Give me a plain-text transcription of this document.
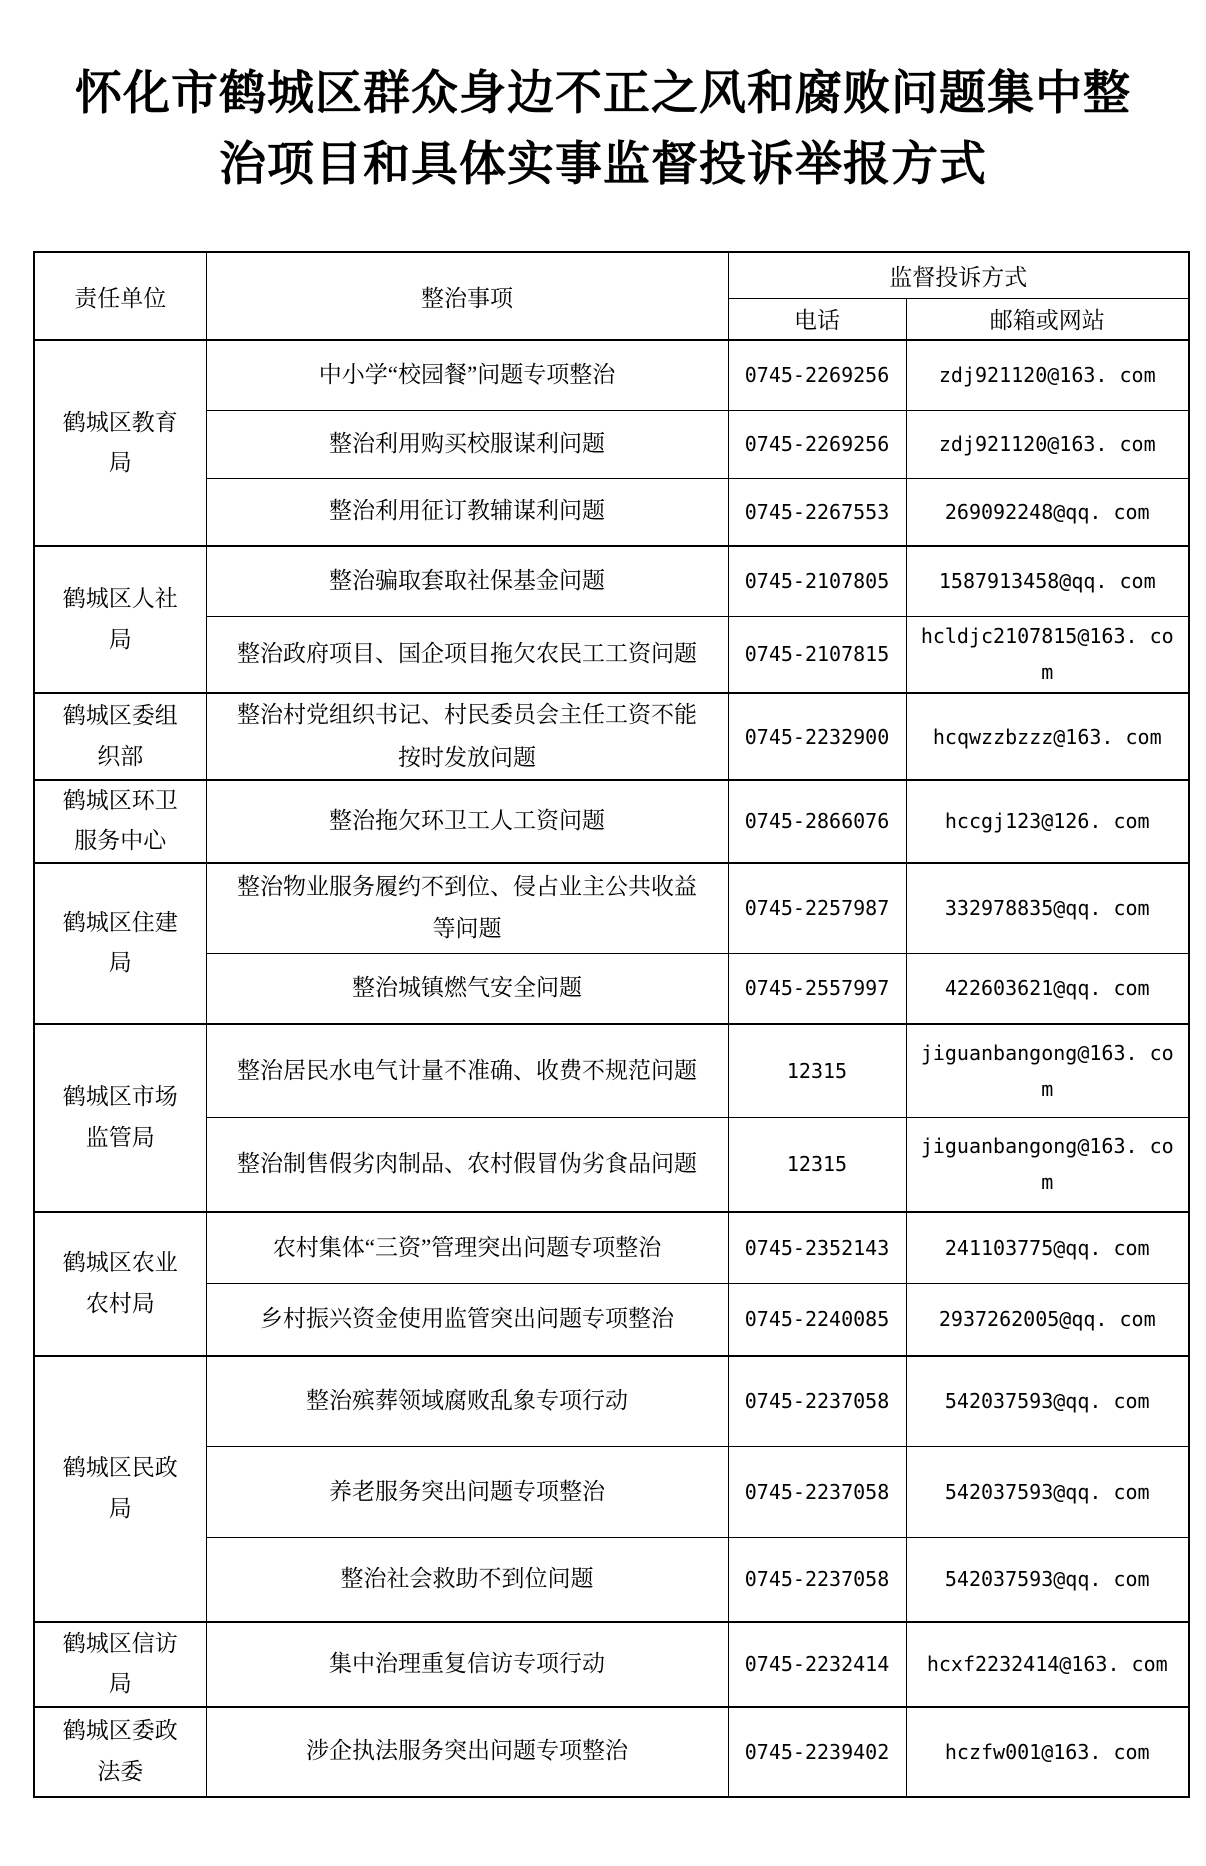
怀化市鹤城区群众身边不正之风和腐败问题集中整
治项目和具体实事监督投诉举报方式
责任单位	整治事项	监督投诉方式	
		电话	邮箱或网站
鹤城区教育局	中小学“校园餐”问题专项整治	0745-2269256	zdj921120@163. com
	整治利用购买校服谋利问题	0745-2269256	zdj921120@163. com
	整治利用征订教辅谋利问题	0745-2267553	269092248@qq. com
鹤城区人社局	整治骗取套取社保基金问题	0745-2107805	1587913458@qq. com
	整治政府项目、国企项目拖欠农民工工资问题	0745-2107815	hcldjc2107815@163. com
鹤城区委组织部	整治村党组织书记、村民委员会主任工资不能按时发放问题	0745-2232900	hcqwzzbzzz@163. com
鹤城区环卫服务中心	整治拖欠环卫工人工资问题	0745-2866076	hccgj123@126. com
鹤城区住建局	整治物业服务履约不到位、侵占业主公共收益等问题	0745-2257987	332978835@qq. com
	整治城镇燃气安全问题	0745-2557997	422603621@qq. com
鹤城区市场监管局	整治居民水电气计量不准确、收费不规范问题	12315	jiguanbangong@163. com
	整治制售假劣肉制品、农村假冒伪劣食品问题	12315	jiguanbangong@163. com
鹤城区农业农村局	农村集体“三资”管理突出问题专项整治	0745-2352143	241103775@qq. com
	乡村振兴资金使用监管突出问题专项整治	0745-2240085	2937262005@qq. com
鹤城区民政局	整治殡葬领域腐败乱象专项行动	0745-2237058	542037593@qq. com
	养老服务突出问题专项整治	0745-2237058	542037593@qq. com
	整治社会救助不到位问题	0745-2237058	542037593@qq. com
鹤城区信访局	集中治理重复信访专项行动	0745-2232414	hcxf2232414@163. com
鹤城区委政法委	涉企执法服务突出问题专项整治	0745-2239402	hczfw001@163. com
